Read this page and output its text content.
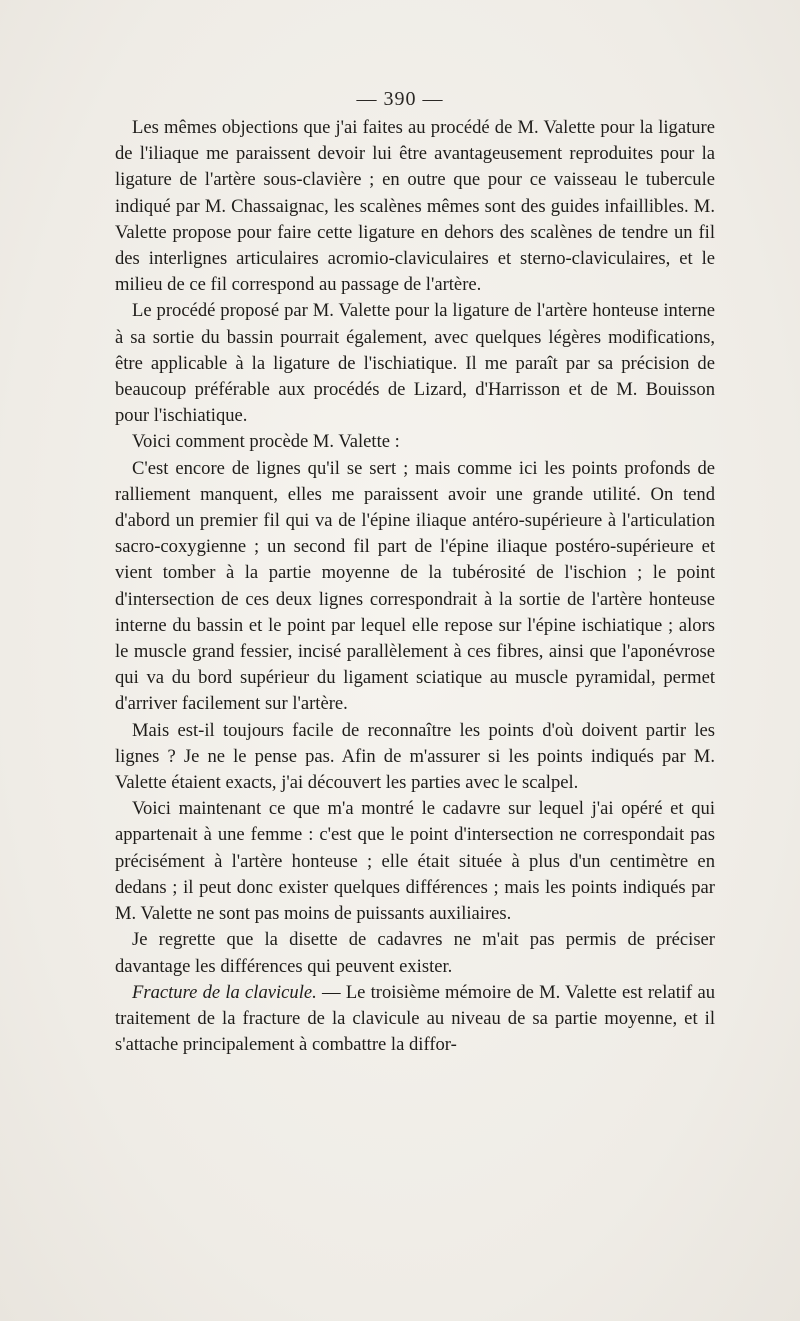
— 390 —

Les mêmes objections que j'ai faites au procédé de M. Valette pour la ligature de l'iliaque me paraissent devoir lui être avantageusement reproduites pour la ligature de l'artère sous-clavière ; en outre que pour ce vaisseau le tubercule indiqué par M. Chassaignac, les scalènes mêmes sont des guides infaillibles. M. Valette propose pour faire cette ligature en dehors des scalènes de tendre un fil des interlignes articulaires acromio-claviculaires et sterno-claviculaires, et le milieu de ce fil correspond au passage de l'artère.

Le procédé proposé par M. Valette pour la ligature de l'artère honteuse interne à sa sortie du bassin pourrait également, avec quelques légères modifications, être applicable à la ligature de l'ischiatique. Il me paraît par sa précision de beaucoup préférable aux procédés de Lizard, d'Harrisson et de M. Bouisson pour l'ischiatique.

Voici comment procède M. Valette :

C'est encore de lignes qu'il se sert ; mais comme ici les points profonds de ralliement manquent, elles me paraissent avoir une grande utilité. On tend d'abord un premier fil qui va de l'épine iliaque antéro-supérieure à l'articulation sacro-coxygienne ; un second fil part de l'épine iliaque postéro-supérieure et vient tomber à la partie moyenne de la tubérosité de l'ischion ; le point d'intersection de ces deux lignes correspondrait à la sortie de l'artère honteuse interne du bassin et le point par lequel elle repose sur l'épine ischiatique ; alors le muscle grand fessier, incisé parallèlement à ces fibres, ainsi que l'aponévrose qui va du bord supérieur du ligament sciatique au muscle pyramidal, permet d'arriver facilement sur l'artère.

Mais est-il toujours facile de reconnaître les points d'où doivent partir les lignes ? Je ne le pense pas. Afin de m'assurer si les points indiqués par M. Valette étaient exacts, j'ai découvert les parties avec le scalpel.

Voici maintenant ce que m'a montré le cadavre sur lequel j'ai opéré et qui appartenait à une femme : c'est que le point d'intersection ne correspondait pas précisément à l'artère honteuse ; elle était située à plus d'un centimètre en dedans ; il peut donc exister quelques différences ; mais les points indiqués par M. Valette ne sont pas moins de puissants auxiliaires.

Je regrette que la disette de cadavres ne m'ait pas permis de préciser davantage les différences qui peuvent exister.

Fracture de la clavicule. — Le troisième mémoire de M. Valette est relatif au traitement de la fracture de la clavicule au niveau de sa partie moyenne, et il s'attache principalement à combattre la diffor-
